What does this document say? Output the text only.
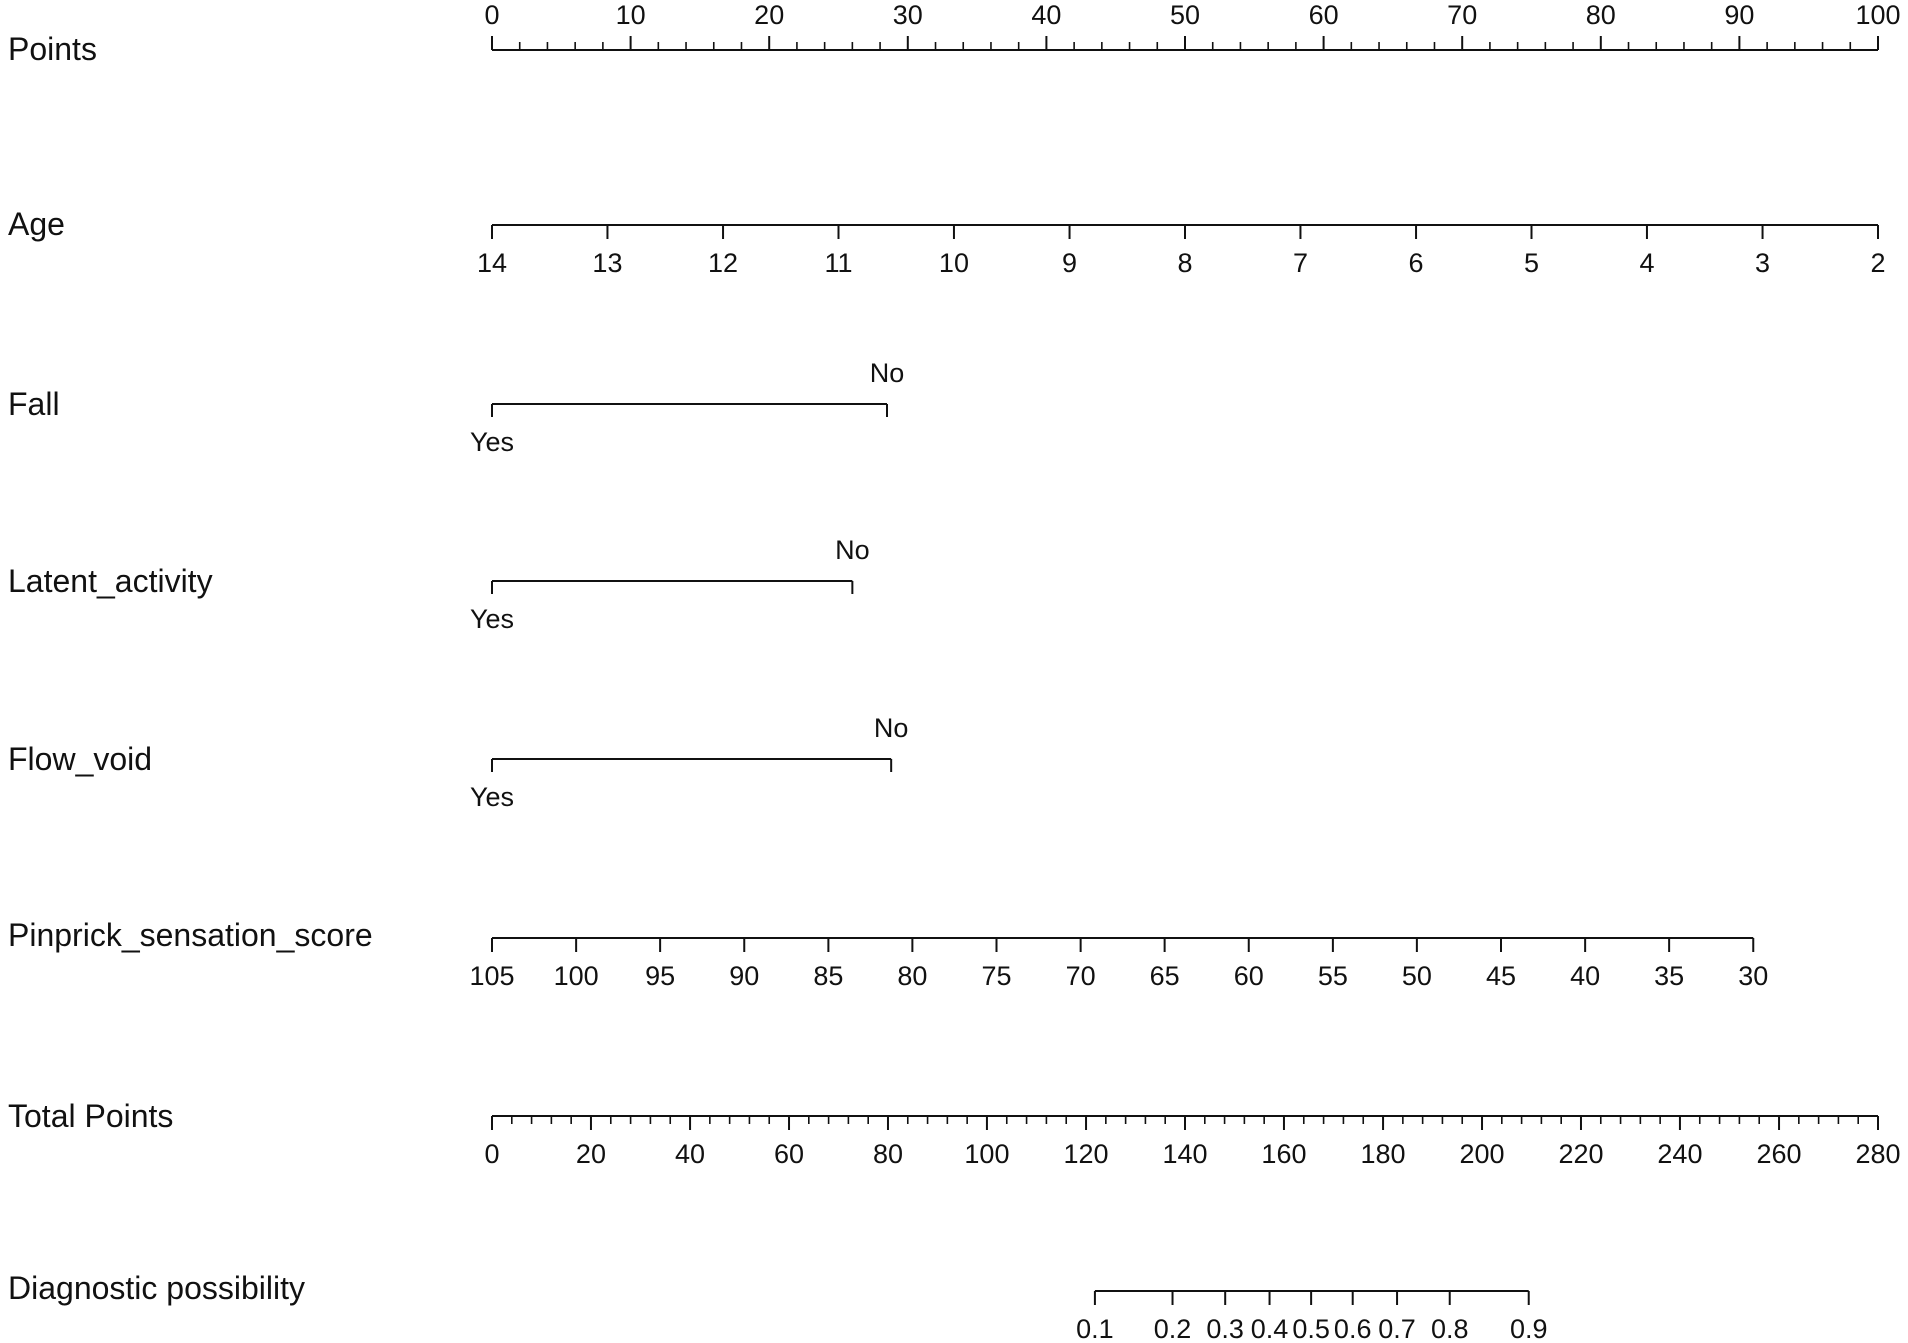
Points
0	10	20	30	40	50	60	70	80	90	100
Age
14	13	12	11	10	9	8	7	6	5	4	3	2
Fall
Yes
No
Latent_activity
Yes
No
Flow_void
Yes
No
Pinprick_sensation_score
105 100 95 90 85 80 75 70 65 60 55 50 45 40 35 30
Total Points
0	20	40	60	80 100 120 140 160 180 200 220 240 260 280
Diagnostic possibility
0.1 0.2 0.3 0.4 0.5 0.6 0.7 0.8 0.9
